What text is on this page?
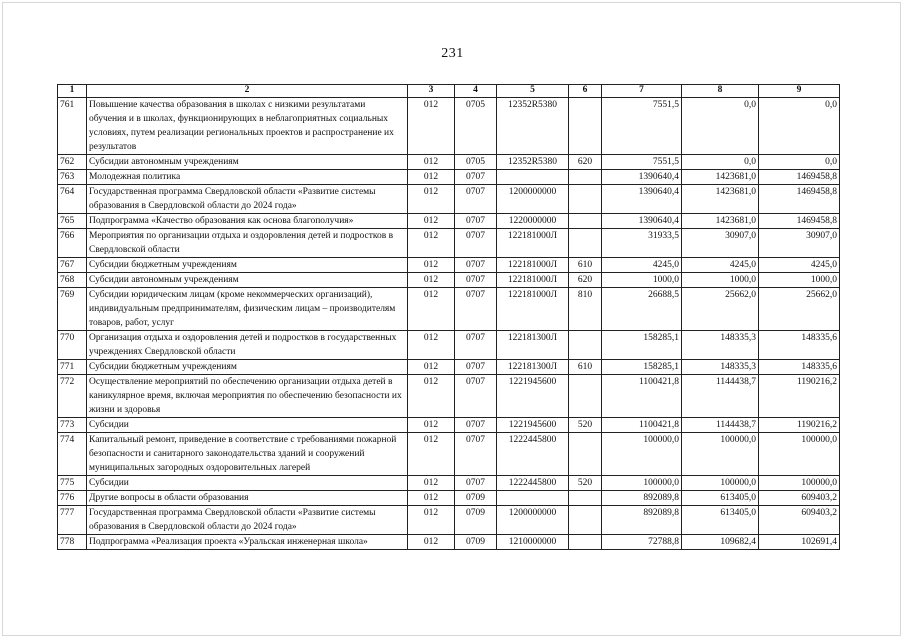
231
1	2	3	4	5	6	7	8	9
761	Повышение качества образования в школах с низкими результатами обучения и в школах, функционирующих в неблагоприятных социальных условиях, путем реализации региональных проектов и распространение их результатов	012	0705	12352R5380		7551,5	0,0	0,0
762	Субсидии автономным учреждениям	012	0705	12352R5380	620	7551,5	0,0	0,0
763	Молодежная политика	012	0707			1390640,4	1423681,0	1469458,8
764	Государственная программа Свердловской области «Развитие системы образования в Свердловской области до 2024 года»	012	0707	1200000000		1390640,4	1423681,0	1469458,8
765	Подпрограмма «Качество образования как основа благополучия»	012	0707	1220000000		1390640,4	1423681,0	1469458,8
766	Мероприятия по организации отдыха и оздоровления детей и подростков в Свердловской области	012	0707	122181000Л		31933,5	30907,0	30907,0
767	Субсидии бюджетным учреждениям	012	0707	122181000Л	610	4245,0	4245,0	4245,0
768	Субсидии автономным учреждениям	012	0707	122181000Л	620	1000,0	1000,0	1000,0
769	Субсидии юридическим лицам (кроме некоммерческих организаций), индивидуальным предпринимателям, физическим лицам – производителям товаров, работ, услуг	012	0707	122181000Л	810	26688,5	25662,0	25662,0
770	Организация отдыха и оздоровления детей и подростков в государственных учреждениях Свердловской области	012	0707	122181300Л		158285,1	148335,3	148335,6
771	Субсидии бюджетным учреждениям	012	0707	122181300Л	610	158285,1	148335,3	148335,6
772	Осуществление мероприятий по обеспечению организации отдыха детей в каникулярное время, включая мероприятия по обеспечению безопасности их жизни и здоровья	012	0707	1221945600		1100421,8	1144438,7	1190216,2
773	Субсидии	012	0707	1221945600	520	1100421,8	1144438,7	1190216,2
774	Капитальный ремонт, приведение в соответствие с требованиями пожарной безопасности и санитарного законодательства зданий и сооружений муниципальных загородных оздоровительных лагерей	012	0707	1222445800		100000,0	100000,0	100000,0
775	Субсидии	012	0707	1222445800	520	100000,0	100000,0	100000,0
776	Другие вопросы в области образования	012	0709			892089,8	613405,0	609403,2
777	Государственная программа Свердловской области «Развитие системы образования в Свердловской области до 2024 года»	012	0709	1200000000		892089,8	613405,0	609403,2
778	Подпрограмма «Реализация проекта «Уральская инженерная школа»	012	0709	1210000000		72788,8	109682,4	102691,4
